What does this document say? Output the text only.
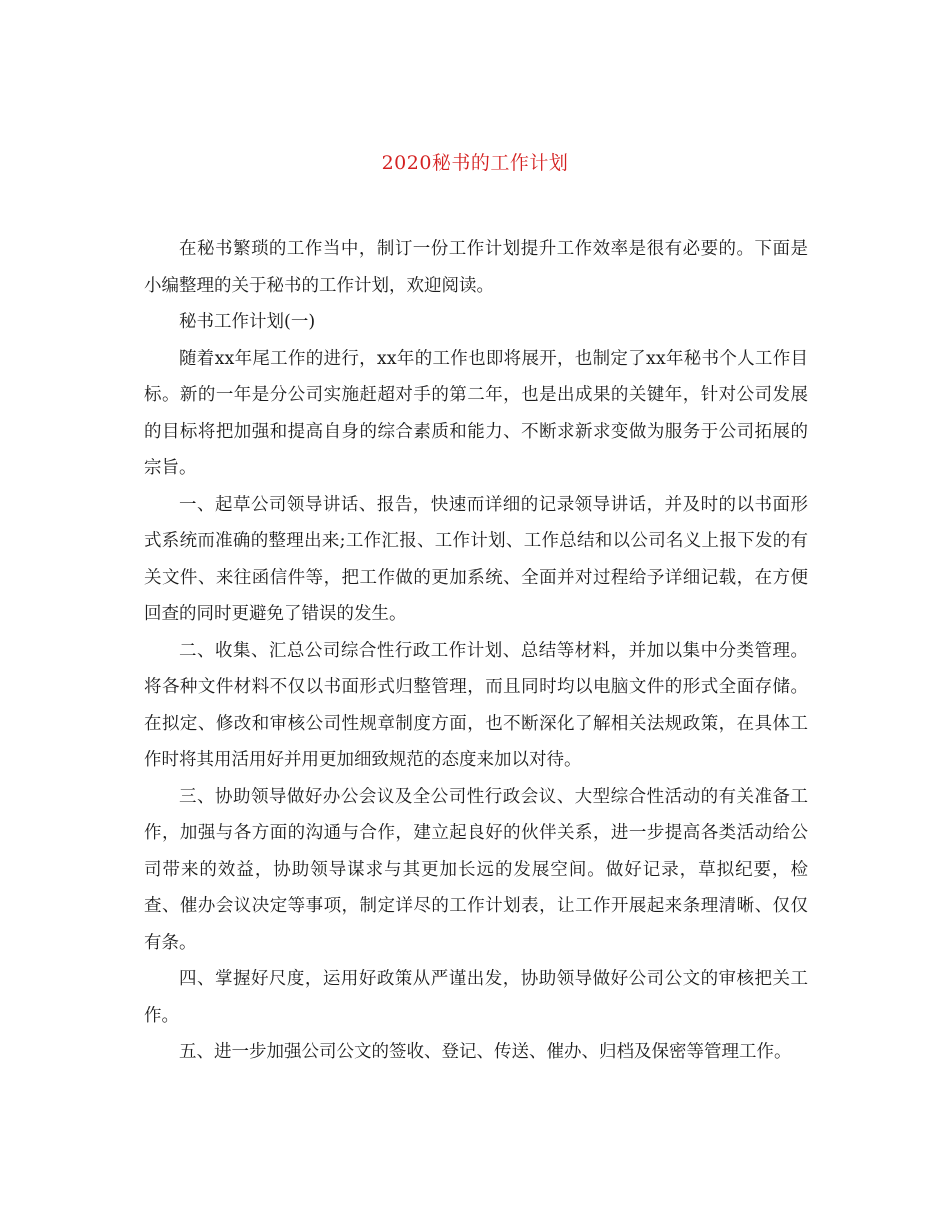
2020秘书的工作计划

在秘书繁琐的工作当中，制订一份工作计划提升工作效率是很有必要的。下面是小编整理的关于秘书的工作计划，欢迎阅读。

秘书工作计划(一)

随着xx年尾工作的进行，xx年的工作也即将展开，也制定了xx年秘书个人工作目标。新的一年是分公司实施赶超对手的第二年，也是出成果的关键年，针对公司发展的目标将把加强和提高自身的综合素质和能力、不断求新求变做为服务于公司拓展的宗旨。

一、起草公司领导讲话、报告，快速而详细的记录领导讲话，并及时的以书面形式系统而准确的整理出来;工作汇报、工作计划、工作总结和以公司名义上报下发的有关文件、来往函信件等，把工作做的更加系统、全面并对过程给予详细记载，在方便回查的同时更避免了错误的发生。

二、收集、汇总公司综合性行政工作计划、总结等材料，并加以集中分类管理。将各种文件材料不仅以书面形式归整管理，而且同时均以电脑文件的形式全面存储。在拟定、修改和审核公司性规章制度方面，也不断深化了解相关法规政策，在具体工作时将其用活用好并用更加细致规范的态度来加以对待。

三、协助领导做好办公会议及全公司性行政会议、大型综合性活动的有关准备工作，加强与各方面的沟通与合作，建立起良好的伙伴关系，进一步提高各类活动给公司带来的效益，协助领导谋求与其更加长远的发展空间。做好记录，草拟纪要，检查、催办会议决定等事项，制定详尽的工作计划表，让工作开展起来条理清晰、仅仅有条。

四、掌握好尺度，运用好政策从严谨出发，协助领导做好公司公文的审核把关工作。

五、进一步加强公司公文的签收、登记、传送、催办、归档及保密等管理工作。
